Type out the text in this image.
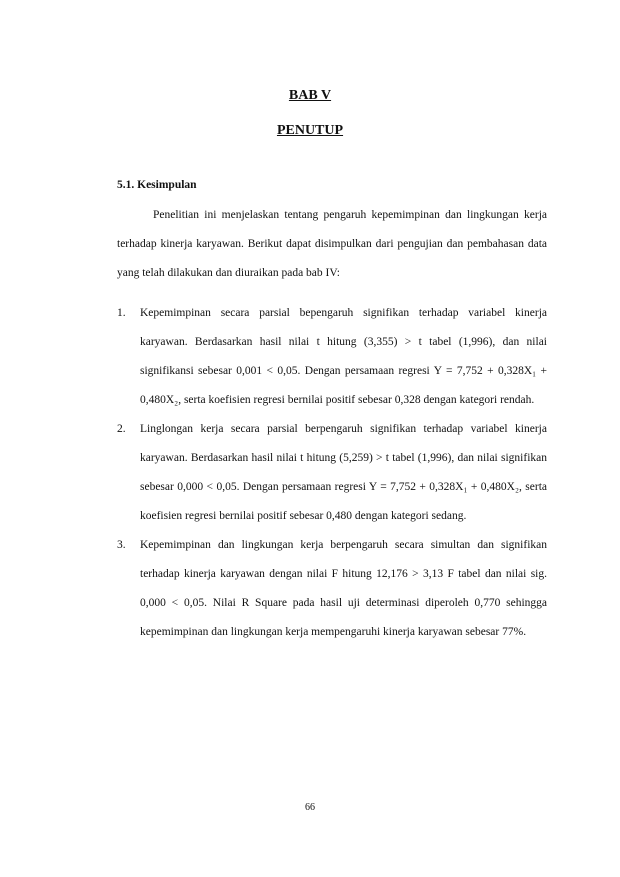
BAB V
PENUTUP
5.1. Kesimpulan

Penelitian ini menjelaskan tentang pengaruh kepemimpinan dan lingkungan kerja terhadap kinerja karyawan. Berikut dapat disimpulkan dari pengujian dan pembahasan data yang telah dilakukan dan diuraikan pada bab IV:

1. Kepemimpinan secara parsial bepengaruh signifikan terhadap variabel kinerja karyawan. Berdasarkan hasil nilai t hitung (3,355) > t tabel (1,996), dan nilai signifikansi sebesar 0,001 < 0,05. Dengan persamaan regresi Y = 7,752 + 0,328X₁ + 0,480X₂, serta koefisien regresi bernilai positif sebesar 0,328 dengan kategori rendah.
2. Linglongan kerja secara parsial berpengaruh signifikan terhadap variabel kinerja karyawan. Berdasarkan hasil nilai t hitung (5,259) > t tabel (1,996), dan nilai signifikan sebesar 0,000 < 0,05. Dengan persamaan regresi Y = 7,752 + 0,328X₁ + 0,480X₂, serta koefisien regresi bernilai positif sebesar 0,480 dengan kategori sedang.
3. Kepemimpinan dan lingkungan kerja berpengaruh secara simultan dan signifikan terhadap kinerja karyawan dengan nilai F hitung 12,176 > 3,13 F tabel dan nilai sig. 0,000 < 0,05. Nilai R Square pada hasil uji determinasi diperoleh 0,770 sehingga kepemimpinan dan lingkungan kerja mempengaruhi kinerja karyawan sebesar 77%.
66
